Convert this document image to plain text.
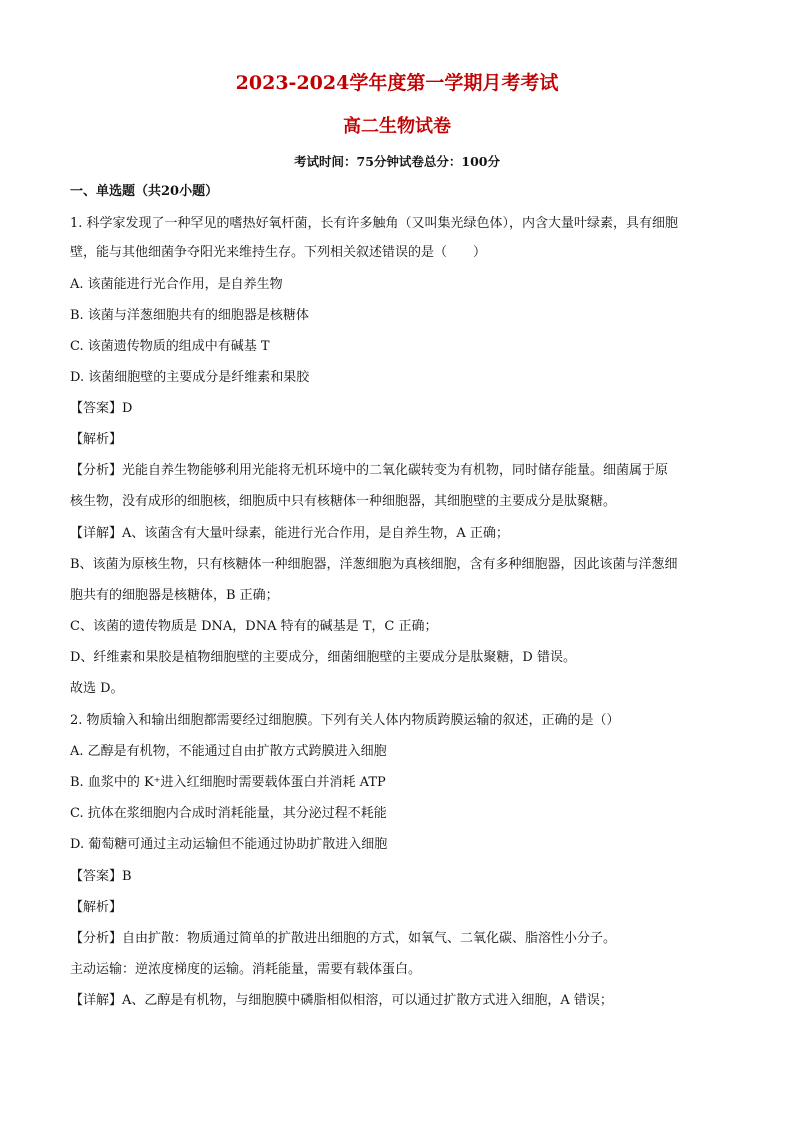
2023-2024学年度第一学期月考考试
高二生物试卷
考试时间：75分钟试卷总分：100分
一、单选题（共20小题）
1. 科学家发现了一种罕见的嗜热好氧杆菌，长有许多触角（又叫集光绿色体），内含大量叶绿素，具有细胞
壁，能与其他细菌争夺阳光来维持生存。下列相关叙述错误的是（　　）
A. 该菌能进行光合作用，是自养生物
B. 该菌与洋葱细胞共有的细胞器是核糖体
C. 该菌遗传物质的组成中有碱基 T
D. 该菌细胞壁的主要成分是纤维素和果胶
【答案】D
【解析】
【分析】光能自养生物能够利用光能将无机环境中的二氧化碳转变为有机物，同时储存能量。细菌属于原
核生物，没有成形的细胞核，细胞质中只有核糖体一种细胞器，其细胞壁的主要成分是肽聚糖。
【详解】A、该菌含有大量叶绿素，能进行光合作用，是自养生物，A 正确；
B、该菌为原核生物，只有核糖体一种细胞器，洋葱细胞为真核细胞，含有多种细胞器，因此该菌与洋葱细
胞共有的细胞器是核糖体，B 正确；
C、该菌的遗传物质是 DNA，DNA 特有的碱基是 T，C 正确；
D、纤维素和果胶是植物细胞壁的主要成分，细菌细胞壁的主要成分是肽聚糖，D 错误。
故选 D。
2. 物质输入和输出细胞都需要经过细胞膜。下列有关人体内物质跨膜运输的叙述，正确的是（）
A. 乙醇是有机物，不能通过自由扩散方式跨膜进入细胞
B. 血浆中的 K⁺进入红细胞时需要载体蛋白并消耗 ATP
C. 抗体在浆细胞内合成时消耗能量，其分泌过程不耗能
D. 葡萄糖可通过主动运输但不能通过协助扩散进入细胞
【答案】B
【解析】
【分析】自由扩散：物质通过简单的扩散进出细胞的方式，如氧气、二氧化碳、脂溶性小分子。
主动运输：逆浓度梯度的运输。消耗能量，需要有载体蛋白。
【详解】A、乙醇是有机物，与细胞膜中磷脂相似相溶，可以通过扩散方式进入细胞，A 错误；
